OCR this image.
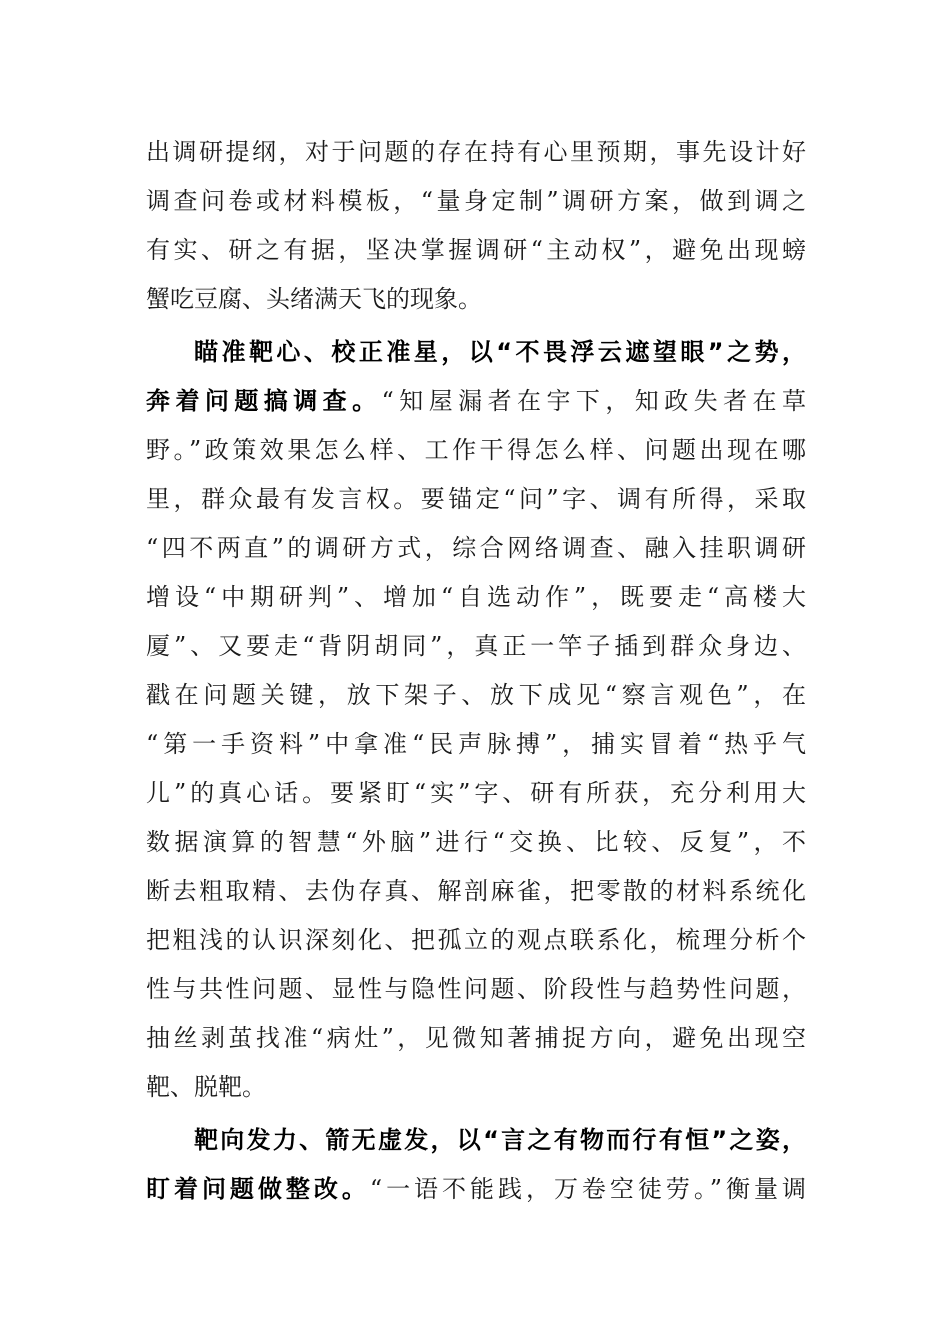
出调研提纲，对于问题的存在持有心里预期，事先设计好
调查问卷或材料模板，“量身定制”调研方案，做到调之
有实、研之有据，坚决掌握调研“主动权”，避免出现螃
蟹吃豆腐、头绪满天飞的现象。
瞄准靶心、校正准星，以“不畏浮云遮望眼”之势，
奔着问题搞调查。“知屋漏者在宇下，知政失者在草
野。”政策效果怎么样、工作干得怎么样、问题出现在哪
里，群众最有发言权。要锚定“问”字、调有所得，采取
“四不两直”的调研方式，综合网络调查、融入挂职调研
增设“中期研判”、增加“自选动作”，既要走“高楼大
厦”、又要走“背阴胡同”，真正一竿子插到群众身边、
戳在问题关键，放下架子、放下成见“察言观色”，在
“第一手资料”中拿准“民声脉搏”，捕实冒着“热乎气
儿”的真心话。要紧盯“实”字、研有所获，充分利用大
数据演算的智慧“外脑”进行“交换、比较、反复”，不
断去粗取精、去伪存真、解剖麻雀，把零散的材料系统化
把粗浅的认识深刻化、把孤立的观点联系化，梳理分析个
性与共性问题、显性与隐性问题、阶段性与趋势性问题，
抽丝剥茧找准“病灶”，见微知著捕捉方向，避免出现空
靶、脱靶。
靶向发力、箭无虚发，以“言之有物而行有恒”之姿，
盯着问题做整改。“一语不能践，万卷空徒劳。”衡量调
